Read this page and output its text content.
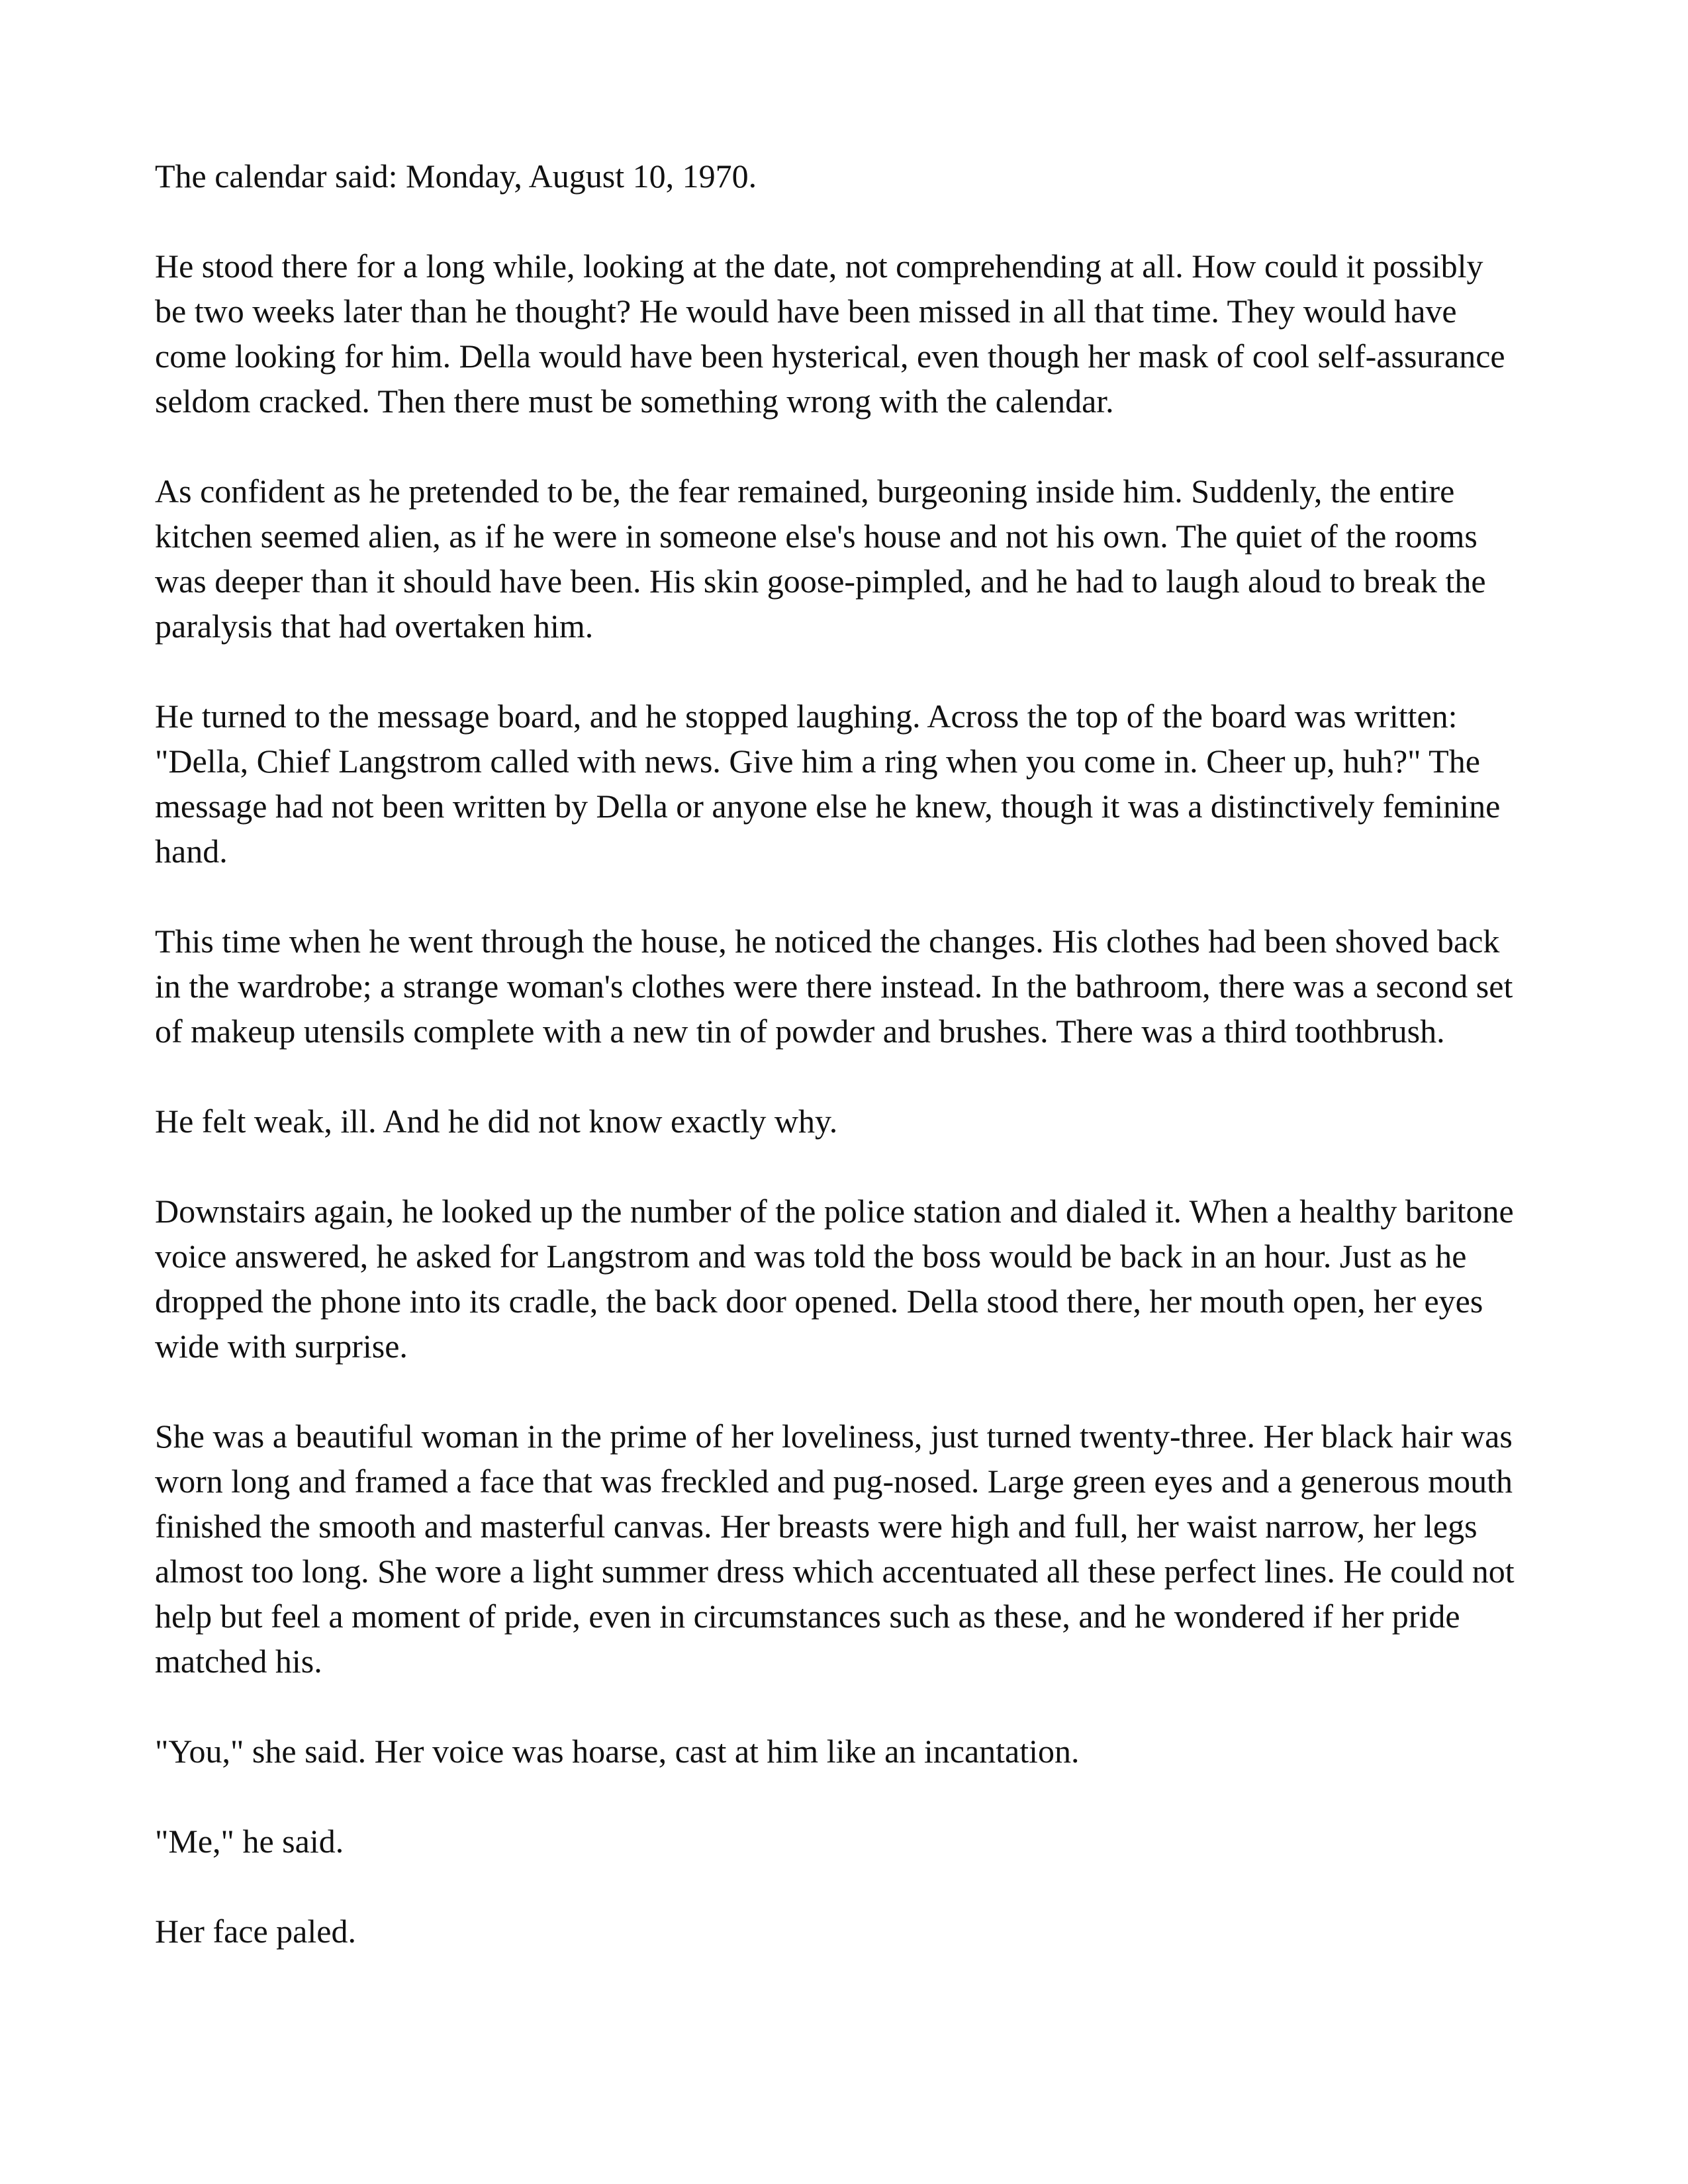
The calendar said: Monday, August 10, 1970.

He stood there for a long while, looking at the date, not comprehending at all. How could it possibly be two weeks later than he thought? He would have been missed in all that time. They would have come looking for him. Della would have been hysterical, even though her mask of cool self-assurance seldom cracked. Then there must be something wrong with the calendar.

As confident as he pretended to be, the fear remained, burgeoning inside him. Suddenly, the entire kitchen seemed alien, as if he were in someone else's house and not his own. The quiet of the rooms was deeper than it should have been. His skin goose-pimpled, and he had to laugh aloud to break the paralysis that had overtaken him.

He turned to the message board, and he stopped laughing. Across the top of the board was written: "Della, Chief Langstrom called with news. Give him a ring when you come in. Cheer up, huh?" The message had not been written by Della or anyone else he knew, though it was a distinctively feminine hand.

This time when he went through the house, he noticed the changes. His clothes had been shoved back in the wardrobe; a strange woman's clothes were there instead. In the bathroom, there was a second set of makeup utensils complete with a new tin of powder and brushes. There was a third toothbrush.

He felt weak, ill. And he did not know exactly why.

Downstairs again, he looked up the number of the police station and dialed it. When a healthy baritone voice answered, he asked for Langstrom and was told the boss would be back in an hour. Just as he dropped the phone into its cradle, the back door opened. Della stood there, her mouth open, her eyes wide with surprise.

She was a beautiful woman in the prime of her loveliness, just turned twenty-three. Her black hair was worn long and framed a face that was freckled and pug-nosed. Large green eyes and a generous mouth finished the smooth and masterful canvas. Her breasts were high and full, her waist narrow, her legs almost too long. She wore a light summer dress which accentuated all these perfect lines. He could not help but feel a moment of pride, even in circumstances such as these, and he wondered if her pride matched his.

"You," she said. Her voice was hoarse, cast at him like an incantation.

"Me," he said.

Her face paled.
